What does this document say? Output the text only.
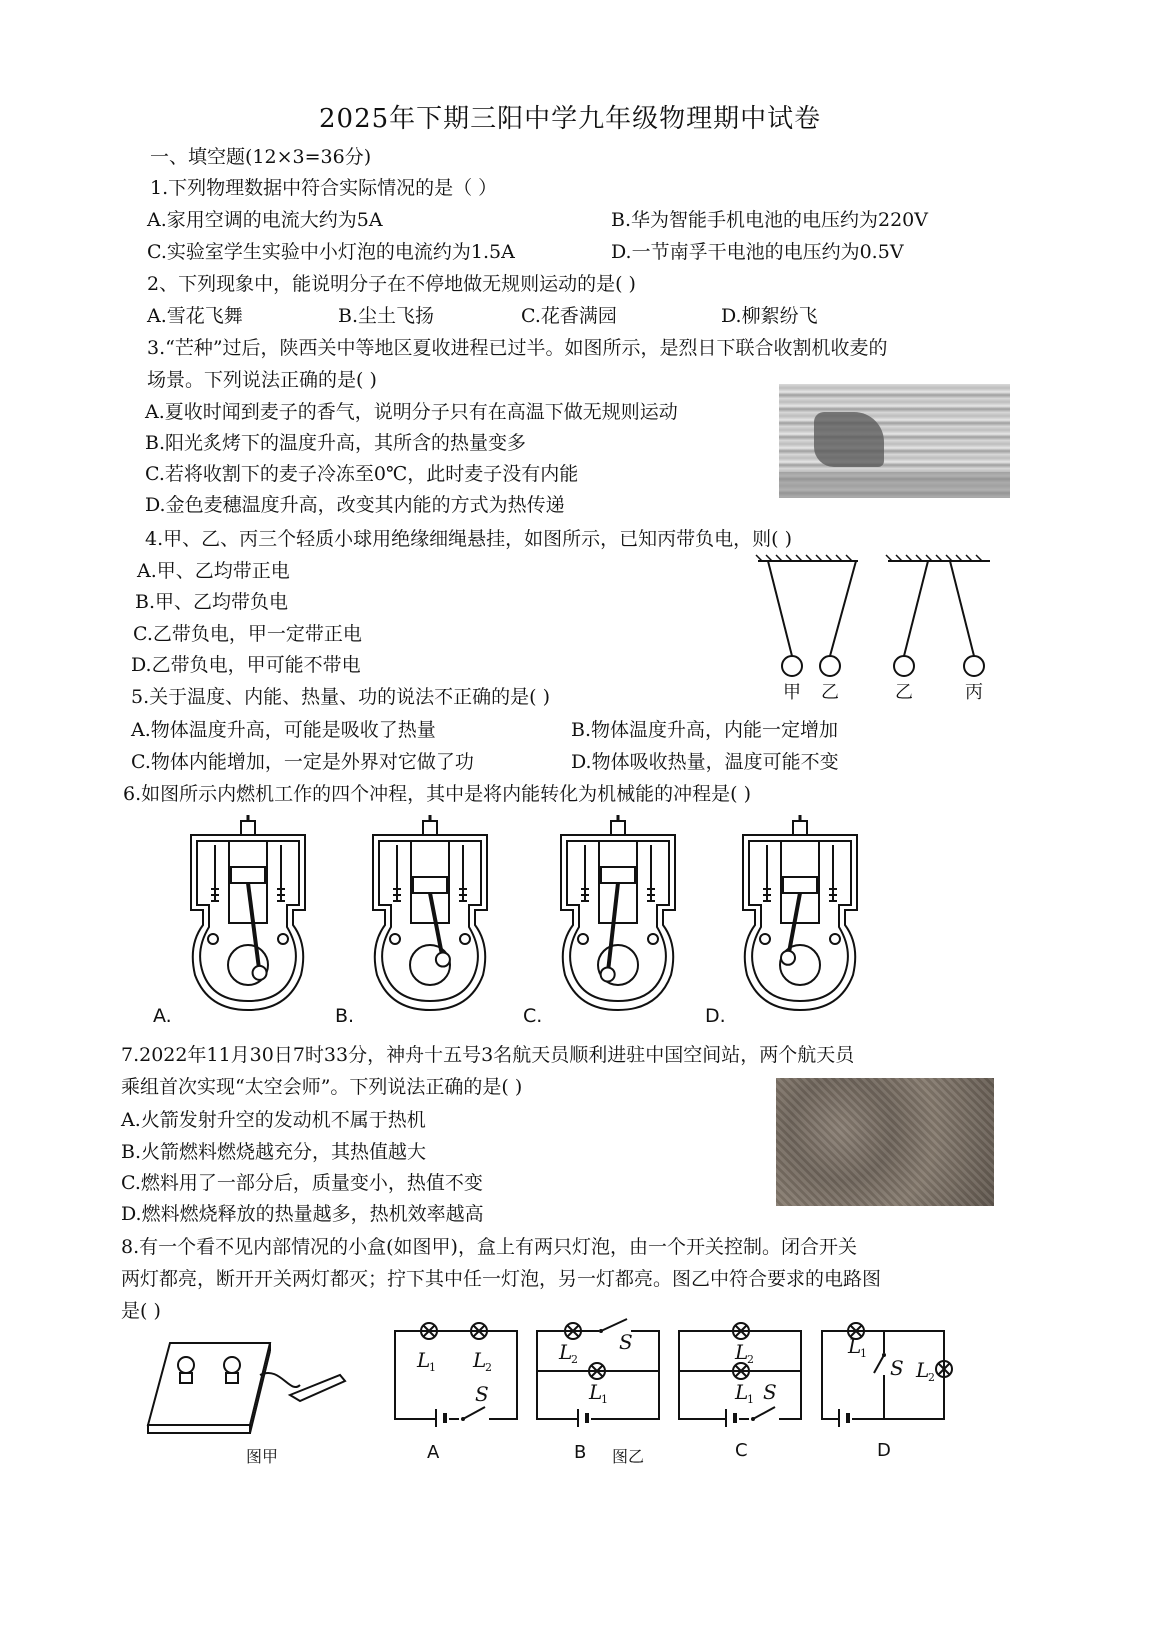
2025年下期三阳中学九年级物理期中试卷
一、填空题(12×3=36分)
1.下列物理数据中符合实际情况的是（ ）
A.家用空调的电流大约为5A	B.华为智能手机电池的电压约为220V
C.实验室学生实验中小灯泡的电流约为1.5A	D.一节南孚干电池的电压约为0.5V
2、下列现象中，能说明分子在不停地做无规则运动的是( )
A.雪花飞舞	B.尘土飞扬	C.花香满园	D.柳絮纷飞
3.“芒种”过后，陕西关中等地区夏收进程已过半。如图所示，是烈日下联合收割机收麦的
场景。下列说法正确的是( )
A.夏收时闻到麦子的香气，说明分子只有在高温下做无规则运动
B.阳光炙烤下的温度升高，其所含的热量变多
C.若将收割下的麦子冷冻至0℃，此时麦子没有内能
D.金色麦穗温度升高，改变其内能的方式为热传递
4.甲、乙、丙三个轻质小球用绝缘细绳悬挂，如图所示，已知丙带负电，则( )
A.甲、乙均带正电
B.甲、乙均带负电
C.乙带负电，甲一定带正电
D.乙带负电，甲可能不带电
甲 乙	乙	丙
5.关于温度、内能、热量、功的说法不正确的是( )
A.物体温度升高，可能是吸收了热量	B.物体温度升高，内能一定增加
C.物体内能增加，一定是外界对它做了功	D.物体吸收热量，温度可能不变
6.如图所示内燃机工作的四个冲程，其中是将内能转化为机械能的冲程是( )
A.	B.	C.	D.
7.2022年11月30日7时33分，神舟十五号3名航天员顺利进驻中国空间站，两个航天员
乘组首次实现“太空会师”。下列说法正确的是( )
A.火箭发射升空的发动机不属于热机
B.火箭燃料燃烧越充分，其热值越大
C.燃料用了一部分后，质量变小，热值不变
D.燃料燃烧释放的热量越多，热机效率越高
8.有一个看不见内部情况的小盒(如图甲)，盒上有两只灯泡，由一个开关控制。闭合开关
两灯都亮，断开开关两灯都灭；拧下其中任一灯泡，另一灯都亮。图乙中符合要求的电路图
是( )
图甲
L
1 L
2
S
L
2
S
L
1
L
2
L
1 S
L
1
S L
2
A	B 图乙	C	D
